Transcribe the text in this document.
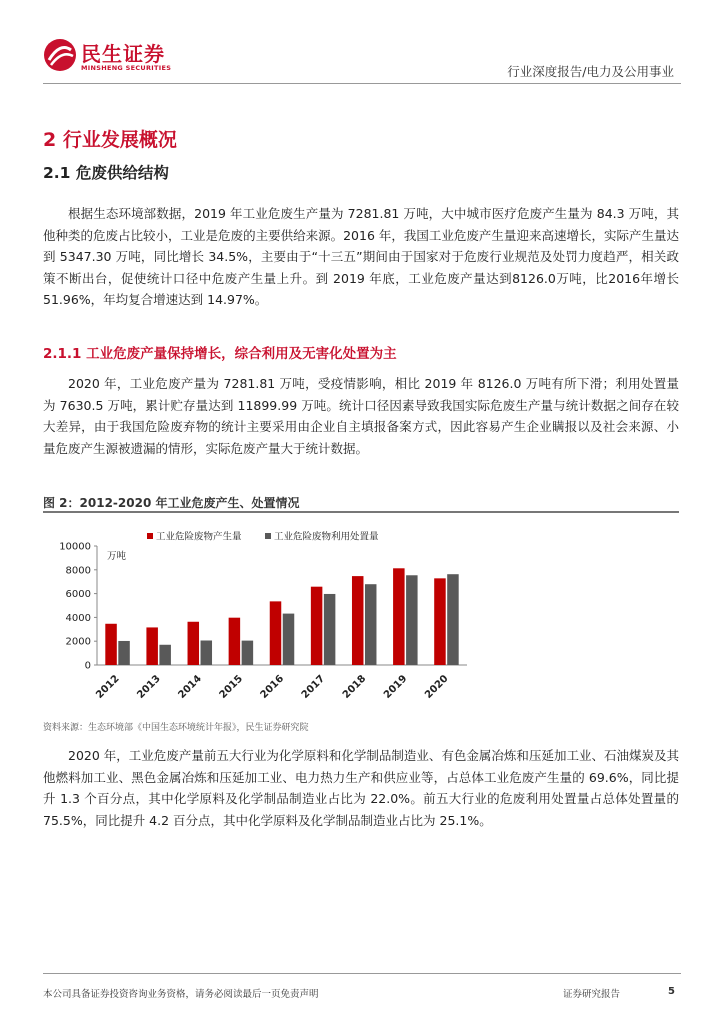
民生证券
MINSHENG SECURITIES	行业深度报告/电力及公用事业
2 行业发展概况
2.1 危废供给结构
根据生态环境部数据，2019 年工业危废生产量为 7281.81 万吨，大中城市医疗危废产生量为 84.3 万吨，其他种类的危废占比较小，工业是危废的主要供给来源。2016 年，我国工业危废产生量迎来高速增长，实际产生量达到 5347.30 万吨，同比增长 34.5%，主要由于“十三五”期间由于国家对于危废行业规范及处罚力度趋严，相关政策不断出台，促使统计口径中危废产生量上升。到 2019 年底，工业危废产量达到8126.0万吨，比2016年增长51.96%，年均复合增速达到 14.97%。
2.1.1 工业危废产量保持增长，综合利用及无害化处置为主
2020 年，工业危废产量为 7281.81 万吨，受疫情影响，相比 2019 年 8126.0 万吨有所下滑；利用处置量为 7630.5 万吨，累计贮存量达到 11899.99 万吨。统计口径因素导致我国实际危废生产量与统计数据之间存在较大差异，由于我国危险废弃物的统计主要采用由企业自主填报备案方式，因此容易产生企业瞒报以及社会来源、小量危废产生源被遗漏的情形，实际危废产量大于统计数据。
图 2：2012-2020 年工业危废产生、处置情况
0
2000
4000
6000
8000
10000
万吨
2012 2013 2014 2015 2016 2017 2018 2019 2020
工业危险废物产生量	工业危险废物利用处置量
资料来源：生态环境部《中国生态环境统计年报》，民生证券研究院
2020 年，工业危废产量前五大行业为化学原料和化学制品制造业、有色金属冶炼和压延加工业、石油煤炭及其他燃料加工业、黑色金属冶炼和压延加工业、电力热力生产和供应业等，占总体工业危废产生量的 69.6%，同比提升 1.3 个百分点，其中化学原料及化学制品制造业占比为 22.0%。前五大行业的危废利用处置量占总体处置量的 75.5%，同比提升 4.2 百分点，其中化学原料及化学制品制造业占比为 25.1%。
本公司具备证券投资咨询业务资格，请务必阅读最后一页免责声明	证券研究报告	5
